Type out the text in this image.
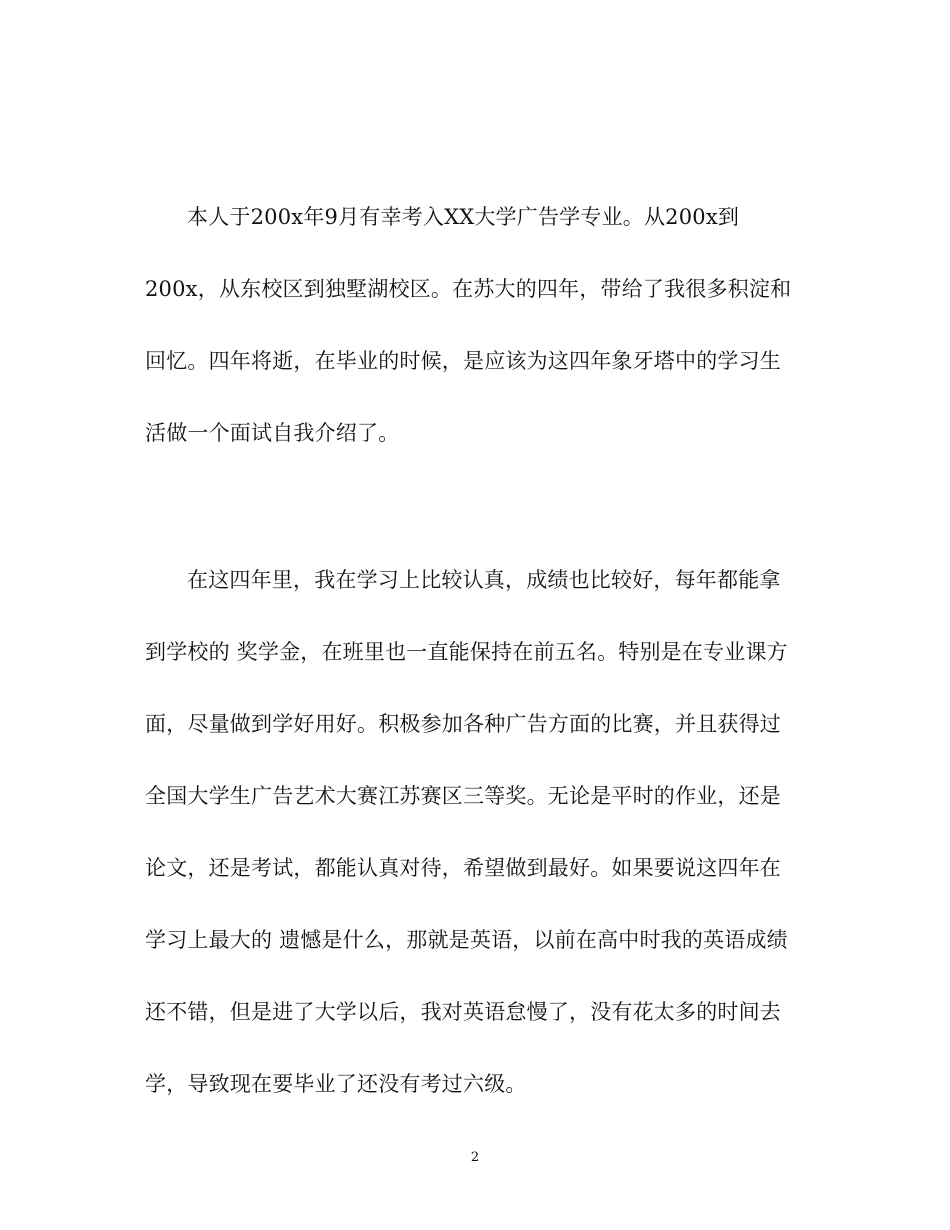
本人于200x年9月有幸考入XX大学广告学专业。从200x到
200x，从东校区到独墅湖校区。在苏大的四年，带给了我很多积淀和
回忆。四年将逝，在毕业的时候，是应该为这四年象牙塔中的学习生
活做一个面试自我介绍了。
在这四年里，我在学习上比较认真，成绩也比较好，每年都能拿
到学校的 奖学金，在班里也一直能保持在前五名。特别是在专业课方
面，尽量做到学好用好。积极参加各种广告方面的比赛，并且获得过
全国大学生广告艺术大赛江苏赛区三等奖。无论是平时的作业，还是
论文，还是考试，都能认真对待，希望做到最好。如果要说这四年在
学习上最大的 遗憾是什么，那就是英语，以前在高中时我的英语成绩
还不错，但是进了大学以后，我对英语怠慢了，没有花太多的时间去
学，导致现在要毕业了还没有考过六级。
2
